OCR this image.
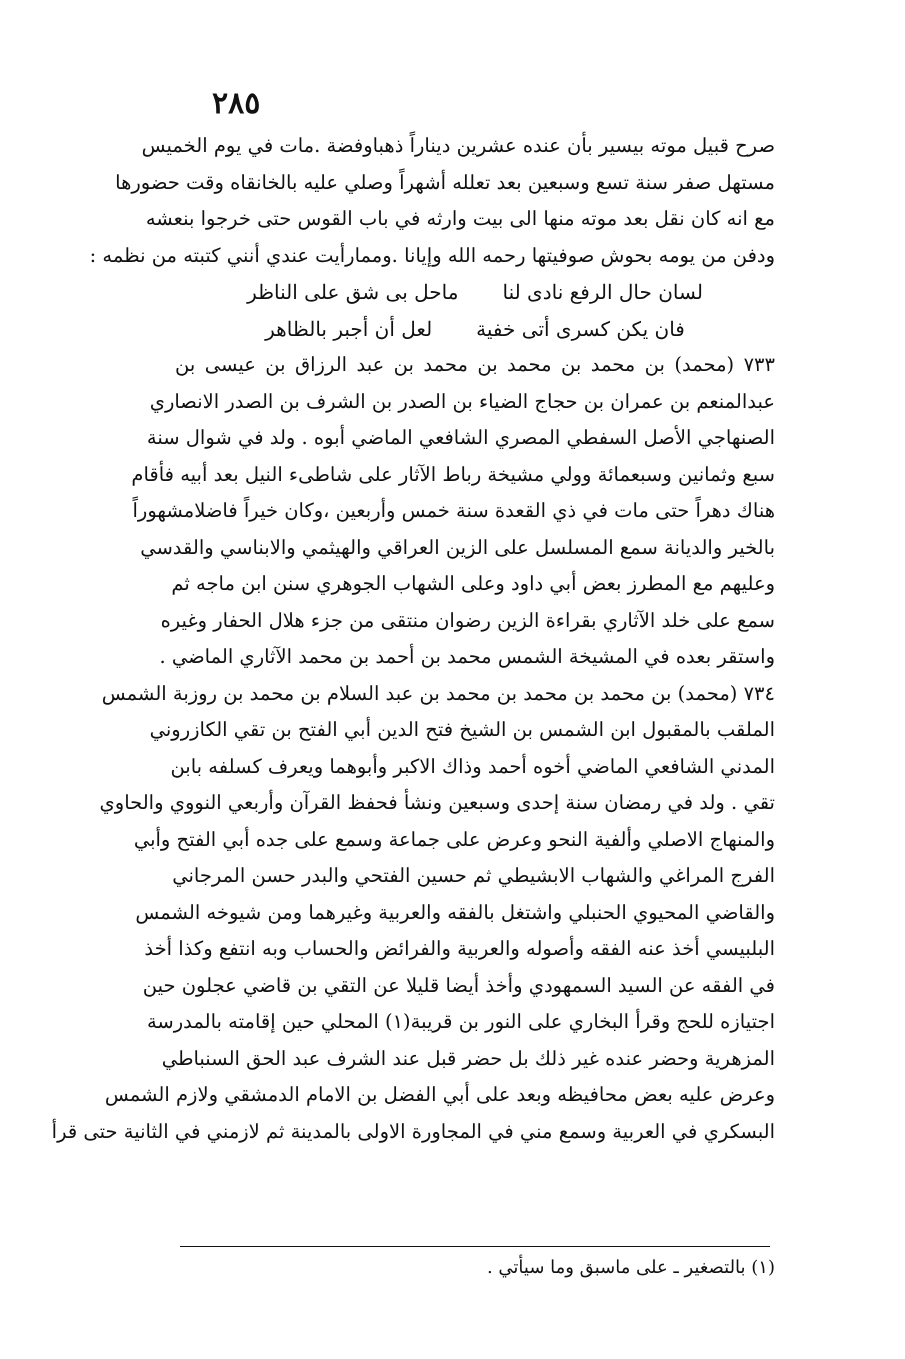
٢٨٥
صرح قبيل موته بيسير بأن عنده عشرين ديناراً ذهباوفضة .مات في يوم الخميس
مستهل صفر سنة تسع وسبعين بعد تعلله أشهراً وصلي عليه بالخانقاه وقت حضورها
مع انه كان نقل بعد موته منها الى بيت وارثه في باب القوس حتى خرجوا بنعشه
ودفن من يومه بحوش صوفيتها رحمه الله وإيانا .وممارأيت عندي أنني كتبته من نظمه :
لسان حال الرفع نادى لنا
ماحل بى شق على الناظر
فان يكن كسرى أتى خفية
لعل أن أجبر بالظاهر
٧٣٣ (محمد) بن محمد بن محمد بن محمد بن عبد الرزاق بن عيسى بن
عبدالمنعم بن عمران بن حجاج الضياء بن الصدر بن الشرف بن الصدر الانصاري
الصنهاجي الأصل السفطي المصري الشافعي الماضي أبوه . ولد في شوال سنة
سبع وثمانين وسبعمائة وولي مشيخة رباط الآثار على شاطىء النيل بعد أبيه فأقام
هناك دهراً حتى مات في ذي القعدة سنة خمس وأربعين ،وكان خيراً فاضلامشهوراً
بالخير والديانة سمع المسلسل على الزين العراقي والهيثمي والابناسي والقدسي
وعليهم مع المطرز بعض أبي داود وعلى الشهاب الجوهري سنن ابن ماجه ثم
سمع على خلد الآثاري بقراءة الزين رضوان منتقى من جزء هلال الحفار وغيره
واستقر بعده في المشيخة الشمس محمد بن أحمد بن محمد الآثاري الماضي .
٧٣٤ (محمد) بن محمد بن محمد بن محمد بن عبد السلام بن محمد بن روزبة الشمس
الملقب بالمقبول ابن الشمس بن الشيخ فتح الدين أبي الفتح بن تقي الكازروني
المدني الشافعي الماضي أخوه أحمد وذاك الاكبر وأبوهما ويعرف كسلفه بابن
تقي . ولد في رمضان سنة إحدى وسبعين ونشأ فحفظ القرآن وأربعي النووي والحاوي
والمنهاج الاصلي وألفية النحو وعرض على جماعة وسمع على جده أبي الفتح وأبي
الفرج المراغي والشهاب الابشيطي ثم حسين الفتحي والبدر حسن المرجاني
والقاضي المحيوي الحنبلي واشتغل بالفقه والعربية وغيرهما ومن شيوخه الشمس
البلبيسي أخذ عنه الفقه وأصوله والعربية والفرائض والحساب وبه انتفع وكذا أخذ
في الفقه عن السيد السمهودي وأخذ أيضا قليلا عن التقي بن قاضي عجلون حين
اجتيازه للحج وقرأ البخاري على النور بن قريبة(١) المحلي حين إقامته بالمدرسة
المزهرية وحضر عنده غير ذلك بل حضر قبل عند الشرف عبد الحق السنباطي
وعرض عليه بعض محافيظه وبعد على أبي الفضل بن الامام الدمشقي ولازم الشمس
البسكري في العربية وسمع مني في المجاورة الاولى بالمدينة ثم لازمني في الثانية حتى قرأ
(١) بالتصغير ـ على ماسبق وما سيأتي .
